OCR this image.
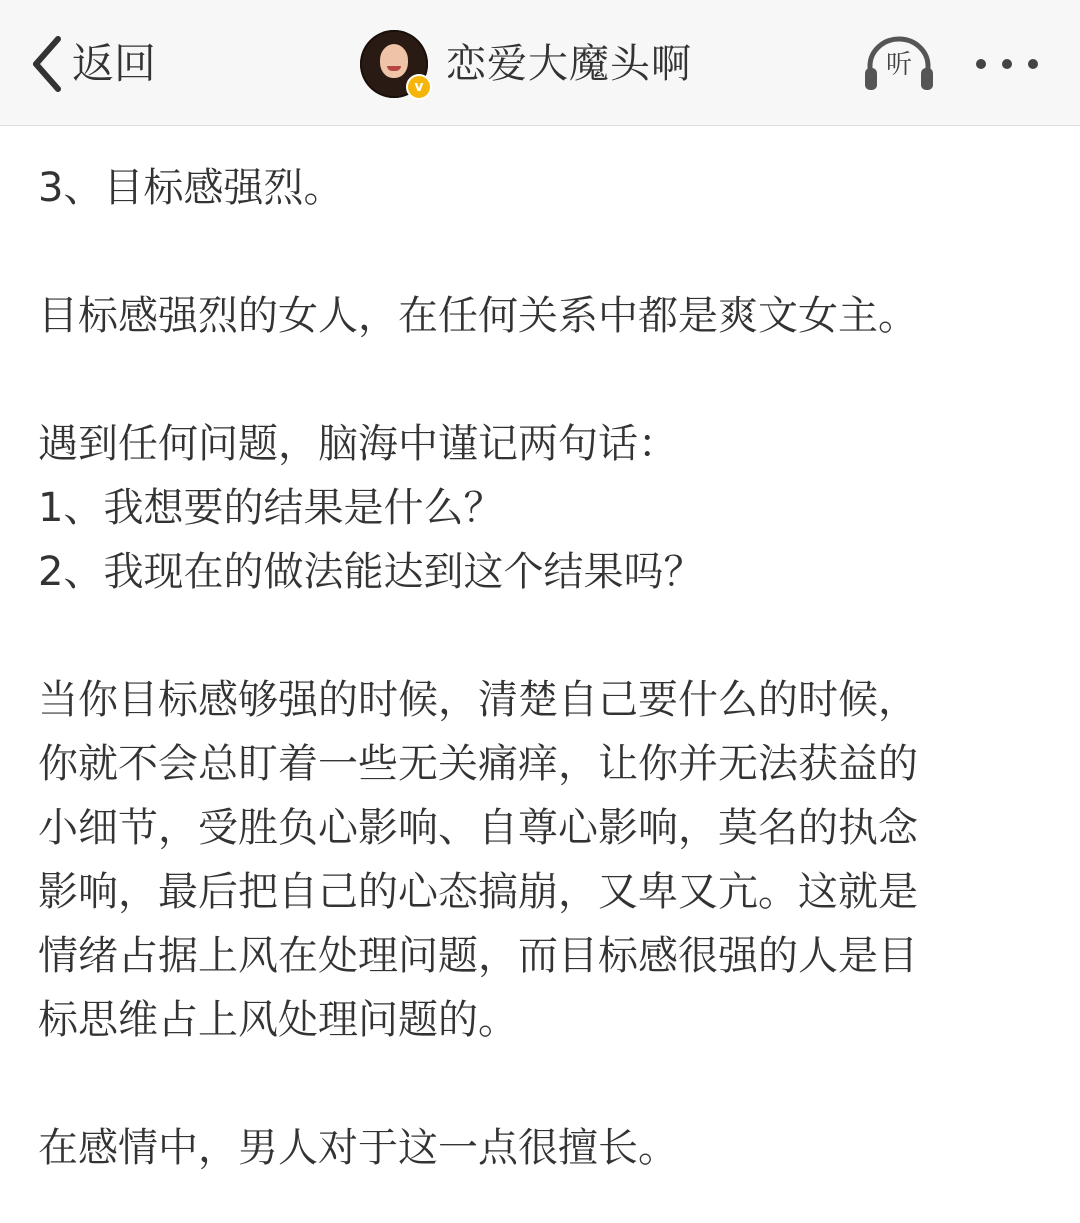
返回	v 恋爱大魔头啊	听

3、目标感强烈。

目标感强烈的女人，在任何关系中都是爽文女主。

遇到任何问题，脑海中谨记两句话：

1、我想要的结果是什么？

2、我现在的做法能达到这个结果吗？

当你目标感够强的时候，清楚自己要什么的时候，

你就不会总盯着一些无关痛痒，让你并无法获益的

小细节，受胜负心影响、自尊心影响，莫名的执念

影响，最后把自己的心态搞崩，又卑又亢。这就是

情绪占据上风在处理问题，而目标感很强的人是目

标思维占上风处理问题的。

在感情中，男人对于这一点很擅长。
